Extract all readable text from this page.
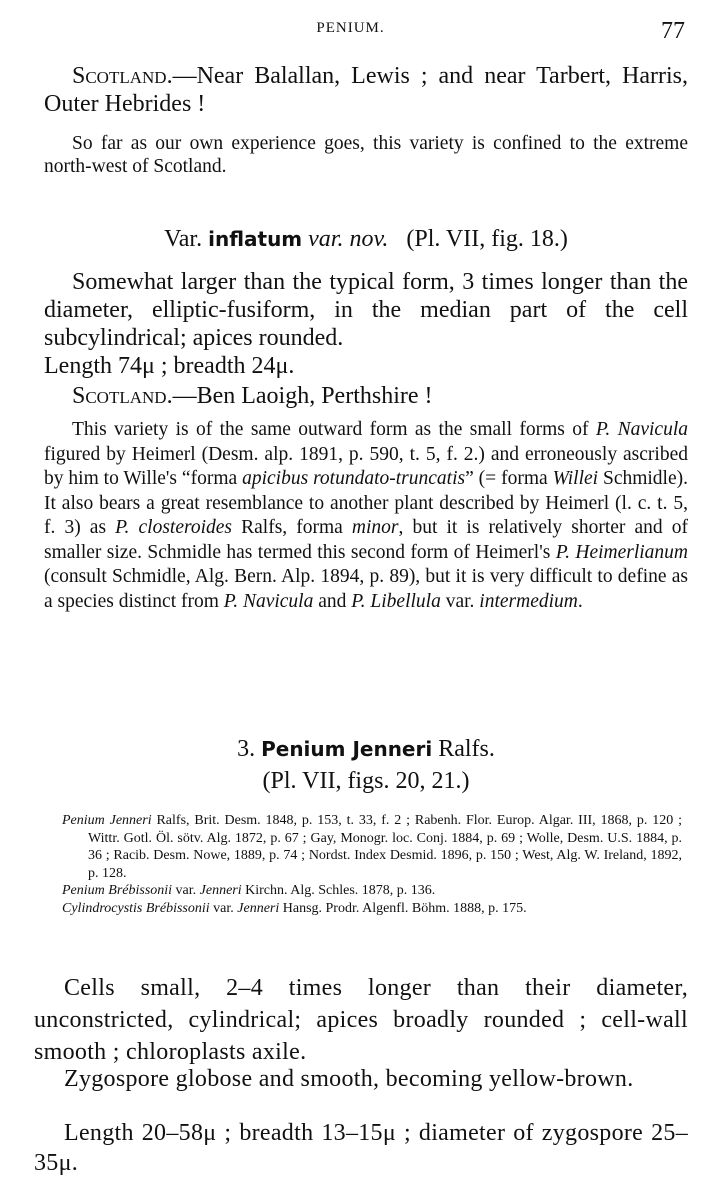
PENIUM.	77

Scotland.—Near Balallan, Lewis ; and near Tarbert, Harris, Outer Hebrides !

So far as our own experience goes, this variety is confined to the extreme north-west of Scotland.

Var. inflatum var. nov. (Pl. VII, fig. 18.)

Somewhat larger than the typical form, 3 times longer than the diameter, elliptic-fusiform, in the median part of the cell subcylindrical; apices rounded.

Length 74μ ; breadth 24μ.

Scotland.—Ben Laoigh, Perthshire !

This variety is of the same outward form as the small forms of P. Navicula figured by Heimerl (Desm. alp. 1891, p. 590, t. 5, f. 2.) and erroneously ascribed by him to Wille's “forma apicibus rotundato-truncatis” (= forma Willei Schmidle). It also bears a great resemblance to another plant described by Heimerl (l. c. t. 5, f. 3) as P. closteroides Ralfs, forma minor, but it is relatively shorter and of smaller size. Schmidle has termed this second form of Heimerl's P. Heimerlianum (consult Schmidle, Alg. Bern. Alp. 1894, p. 89), but it is very difficult to define as a species distinct from P. Navicula and P. Libellula var. intermedium.

3. Penium Jenneri Ralfs.

(Pl. VII, figs. 20, 21.)

Penium Jenneri Ralfs, Brit. Desm. 1848, p. 153, t. 33, f. 2 ; Rabenh. Flor. Europ. Algar. III, 1868, p. 120 ; Wittr. Gotl. Öl. sötv. Alg. 1872, p. 67 ; Gay, Monogr. loc. Conj. 1884, p. 69 ; Wolle, Desm. U.S. 1884, p. 36 ; Racib. Desm. Nowe, 1889, p. 74 ; Nordst. Index Desmid. 1896, p. 150 ; West, Alg. W. Ireland, 1892, p. 128.

Penium Brébissonii var. Jenneri Kirchn. Alg. Schles. 1878, p. 136.

Cylindrocystis Brébissonii var. Jenneri Hansg. Prodr. Algenfl. Böhm. 1888, p. 175.

Cells small, 2–4 times longer than their diameter, unconstricted, cylindrical; apices broadly rounded ; cell-wall smooth ; chloroplasts axile.

Zygospore globose and smooth, becoming yellow-brown.

Length 20–58μ ; breadth 13–15μ ; diameter of zygospore 25–35μ.
